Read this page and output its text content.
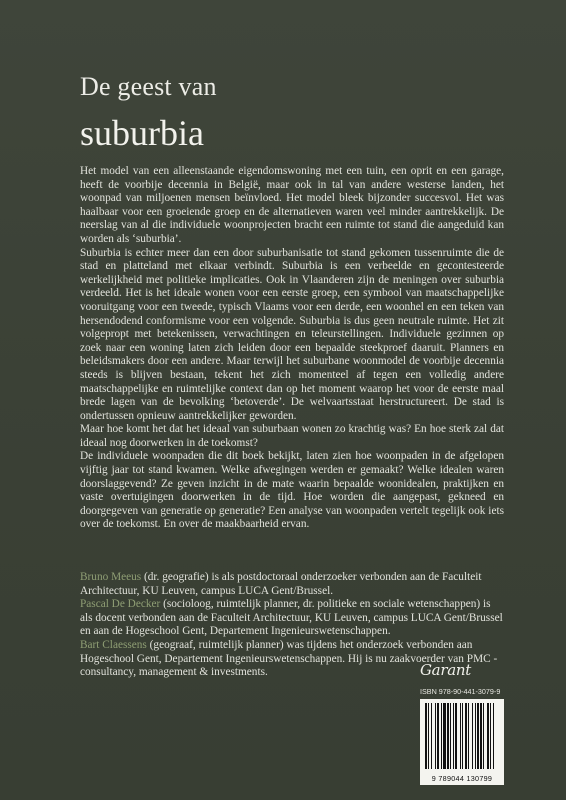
De geest van
suburbia

Het model van een alleenstaande eigendomswoning met een tuin, een oprit en een garage, heeft de voorbije decennia in België, maar ook in tal van andere westerse landen, het woonpad van miljoenen mensen beïnvloed. Het model bleek bijzonder succesvol. Het was haalbaar voor een groeiende groep en de alternatieven waren veel minder aantrekkelijk. De neerslag van al die individuele woonprojecten bracht een ruimte tot stand die aangeduid kan worden als ‘suburbia’.

Suburbia is echter meer dan een door suburbanisatie tot stand gekomen tussenruimte die de stad en platteland met elkaar verbindt. Suburbia is een verbeelde en gecontesteerde werkelijkheid met politieke implicaties. Ook in Vlaanderen zijn de meningen over suburbia verdeeld. Het is het ideale wonen voor een eerste groep, een symbool van maatschappelijke vooruitgang voor een tweede, typisch Vlaams voor een derde, een woonhel en een teken van hersendodend conformisme voor een volgende. Suburbia is dus geen neutrale ruimte. Het zit volgepropt met betekenissen, verwachtingen en teleurstellingen. Individuele gezinnen op zoek naar een woning laten zich leiden door een bepaalde steekproef daaruit. Planners en beleidsmakers door een andere. Maar terwijl het suburbane woonmodel de voorbije decennia steeds is blijven bestaan, tekent het zich momenteel af tegen een volledig andere maatschappelijke en ruimtelijke context dan op het moment waarop het voor de eerste maal brede lagen van de bevolking ‘betoverde’. De welvaartsstaat herstructureert. De stad is ondertussen opnieuw aantrekkelijker geworden.

Maar hoe komt het dat het ideaal van suburbaan wonen zo krachtig was? En hoe sterk zal dat ideaal nog doorwerken in de toekomst?

De individuele woonpaden die dit boek bekijkt, laten zien hoe woonpaden in de afgelopen vijftig jaar tot stand kwamen. Welke afwegingen werden er gemaakt? Welke idealen waren doorslaggevend? Ze geven inzicht in de mate waarin bepaalde woonidealen, praktijken en vaste overtuigingen doorwerken in de tijd. Hoe worden die aangepast, gekneed en doorgegeven van generatie op generatie? Een analyse van woonpaden vertelt tegelijk ook iets over de toekomst. En over de maakbaarheid ervan.

Bruno Meeus (dr. geografie) is als postdoctoraal onderzoeker verbonden aan de Faculteit Architectuur, KU Leuven, campus LUCA Gent/Brussel.

Pascal De Decker (socioloog, ruimtelijk planner, dr. politieke en sociale wetenschappen) is als docent verbonden aan de Faculteit Architectuur, KU Leuven, campus LUCA Gent/Brussel en aan de Hogeschool Gent, Departement Ingenieurswetenschappen.

Bart Claessens (geograaf, ruimtelijk planner) was tijdens het onderzoek verbonden aan Hogeschool Gent, Departement Ingenieurswetenschappen. Hij is nu zaakvoerder van PMC - consultancy, management & investments.	Garant
ISBN 978-90-441-3079-9
9 789044 130799
